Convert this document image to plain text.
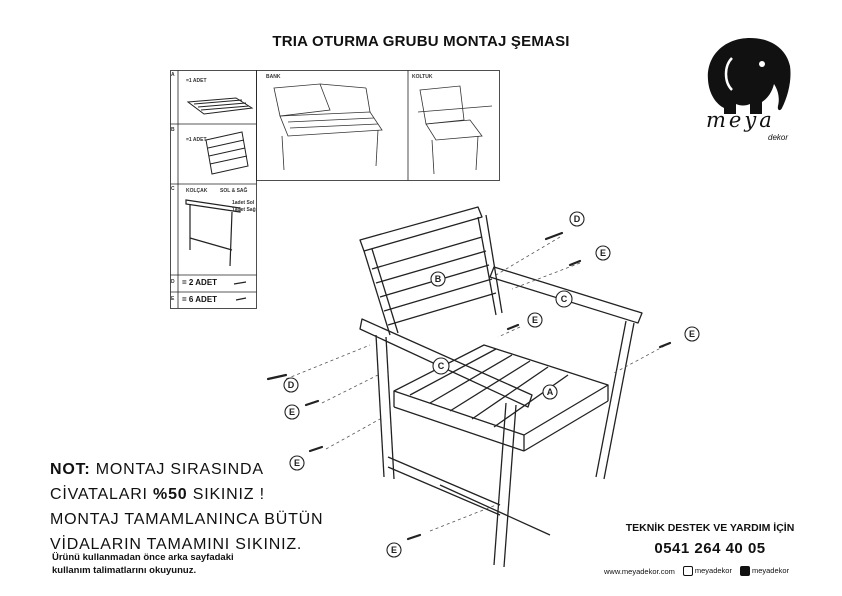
TRIA OTURMA GRUBU MONTAJ ŞEMASI
meya
dekor
A
=1 ADET
B
=1 ADET
C KOLÇAK	SOL & SAĞ
1adet Sol
1adet Sağ
D = 2 ADET
E = 6 ADET
BANK	KOLTUK
B
C
C
A
D
E
E
E
D
E
E
E
NOT: MONTAJ SIRASINDA
CİVATALARI %50 SIKINIZ !
MONTAJ TAMAMLANINCA BÜTÜN
VİDALARIN TAMAMINI SIKINIZ.
Ürünü kullanmadan önce arka sayfadaki
kullanım talimatlarını okuyunuz.
TEKNİK DESTEK VE YARDIM İÇİN
0541 264 40 05
www.meyadekor.com	meyadekor	meyadekor
